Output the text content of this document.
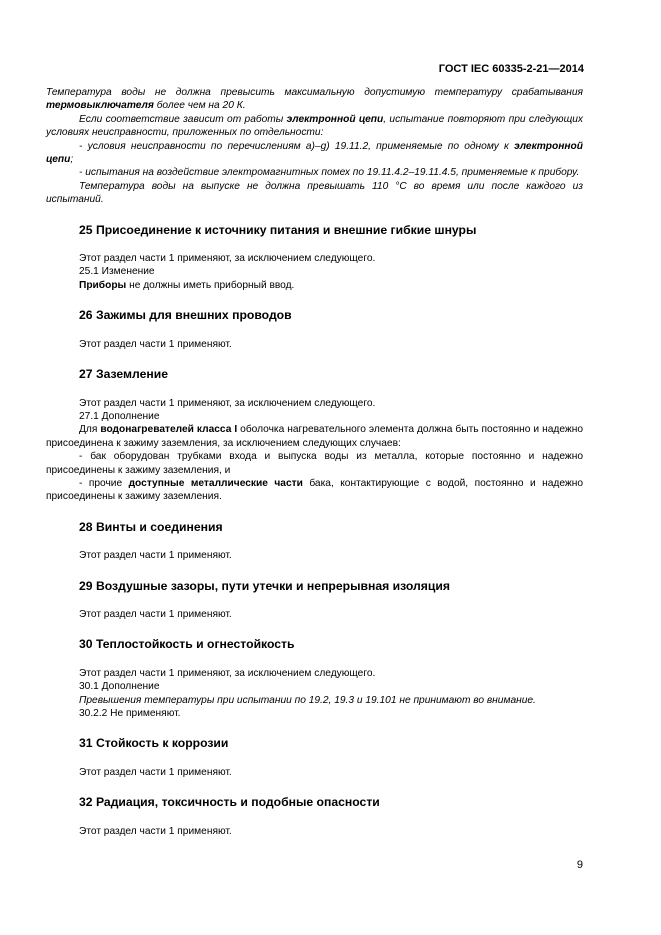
ГОСТ IEC 60335-2-21—2014

Температура воды не должна превысить максимальную допустимую температуру срабатывания термовыключателя более чем на 20 К.

Если соответствие зависит от работы электронной цепи, испытание повторяют при следующих условиях неисправности, приложенных по отдельности:

- условия неисправности по перечислениям a)–g) 19.11.2, применяемые по одному к электронной цепи;

- испытания на воздействие электромагнитных помех по 19.11.4.2–19.11.4.5, применяемые к прибору.

Температура воды на выпуске не должна превышать 110 °С во время или после каждого из испытаний.

25 Присоединение к источнику питания и внешние гибкие шнуры

Этот раздел части 1 применяют, за исключением следующего.

25.1 Изменение

Приборы не должны иметь приборный ввод.

26 Зажимы для внешних проводов

Этот раздел части 1 применяют.

27 Заземление

Этот раздел части 1 применяют, за исключением следующего.

27.1 Дополнение

Для водонагревателей класса I оболочка нагревательного элемента должна быть постоянно и надежно присоединена к зажиму заземления, за исключением следующих случаев:

- бак оборудован трубками входа и выпуска воды из металла, которые постоянно и надежно присоединены к зажиму заземления, и

- прочие доступные металлические части бака, контактирующие с водой, постоянно и надежно присоединены к зажиму заземления.

28 Винты и соединения

Этот раздел части 1 применяют.

29 Воздушные зазоры, пути утечки и непрерывная изоляция

Этот раздел части 1 применяют.

30 Теплостойкость и огнестойкость

Этот раздел части 1 применяют, за исключением следующего.

30.1 Дополнение

Превышения температуры при испытании по 19.2, 19.3 и 19.101 не принимают во внимание.

30.2.2 Не применяют.

31 Стойкость к коррозии

Этот раздел части 1 применяют.

32 Радиация, токсичность и подобные опасности

Этот раздел части 1 применяют.

9
